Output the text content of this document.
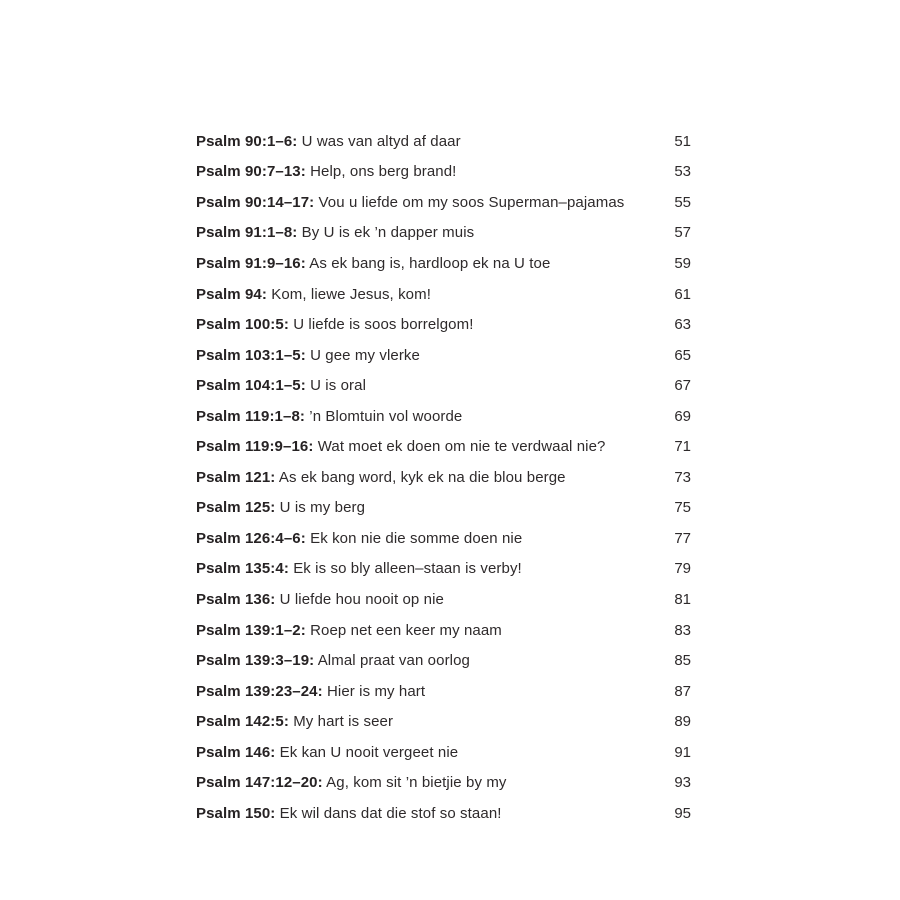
Psalm 90:1–6: U was van altyd af daar	51
Psalm 90:7–13: Help, ons berg brand!	53
Psalm 90:14–17: Vou u liefde om my soos Superman–pajamas	55
Psalm 91:1–8: By U is ek ’n dapper muis	57
Psalm 91:9–16: As ek bang is, hardloop ek na U toe	59
Psalm 94: Kom, liewe Jesus, kom!	61
Psalm 100:5: U liefde is soos borrelgom!	63
Psalm 103:1–5: U gee my vlerke	65
Psalm 104:1–5: U is oral	67
Psalm 119:1–8: ’n Blomtuin vol woorde	69
Psalm 119:9–16: Wat moet ek doen om nie te verdwaal nie?	71
Psalm 121: As ek bang word, kyk ek na die blou berge	73
Psalm 125: U is my berg	75
Psalm 126:4–6: Ek kon nie die somme doen nie	77
Psalm 135:4: Ek is so bly alleen–staan is verby!	79
Psalm 136: U liefde hou nooit op nie	81
Psalm 139:1–2: Roep net een keer my naam	83
Psalm 139:3–19: Almal praat van oorlog	85
Psalm 139:23–24: Hier is my hart	87
Psalm 142:5: My hart is seer	89
Psalm 146: Ek kan U nooit vergeet nie	91
Psalm 147:12–20: Ag, kom sit ’n bietjie by my	93
Psalm 150: Ek wil dans dat die stof so staan!	95
